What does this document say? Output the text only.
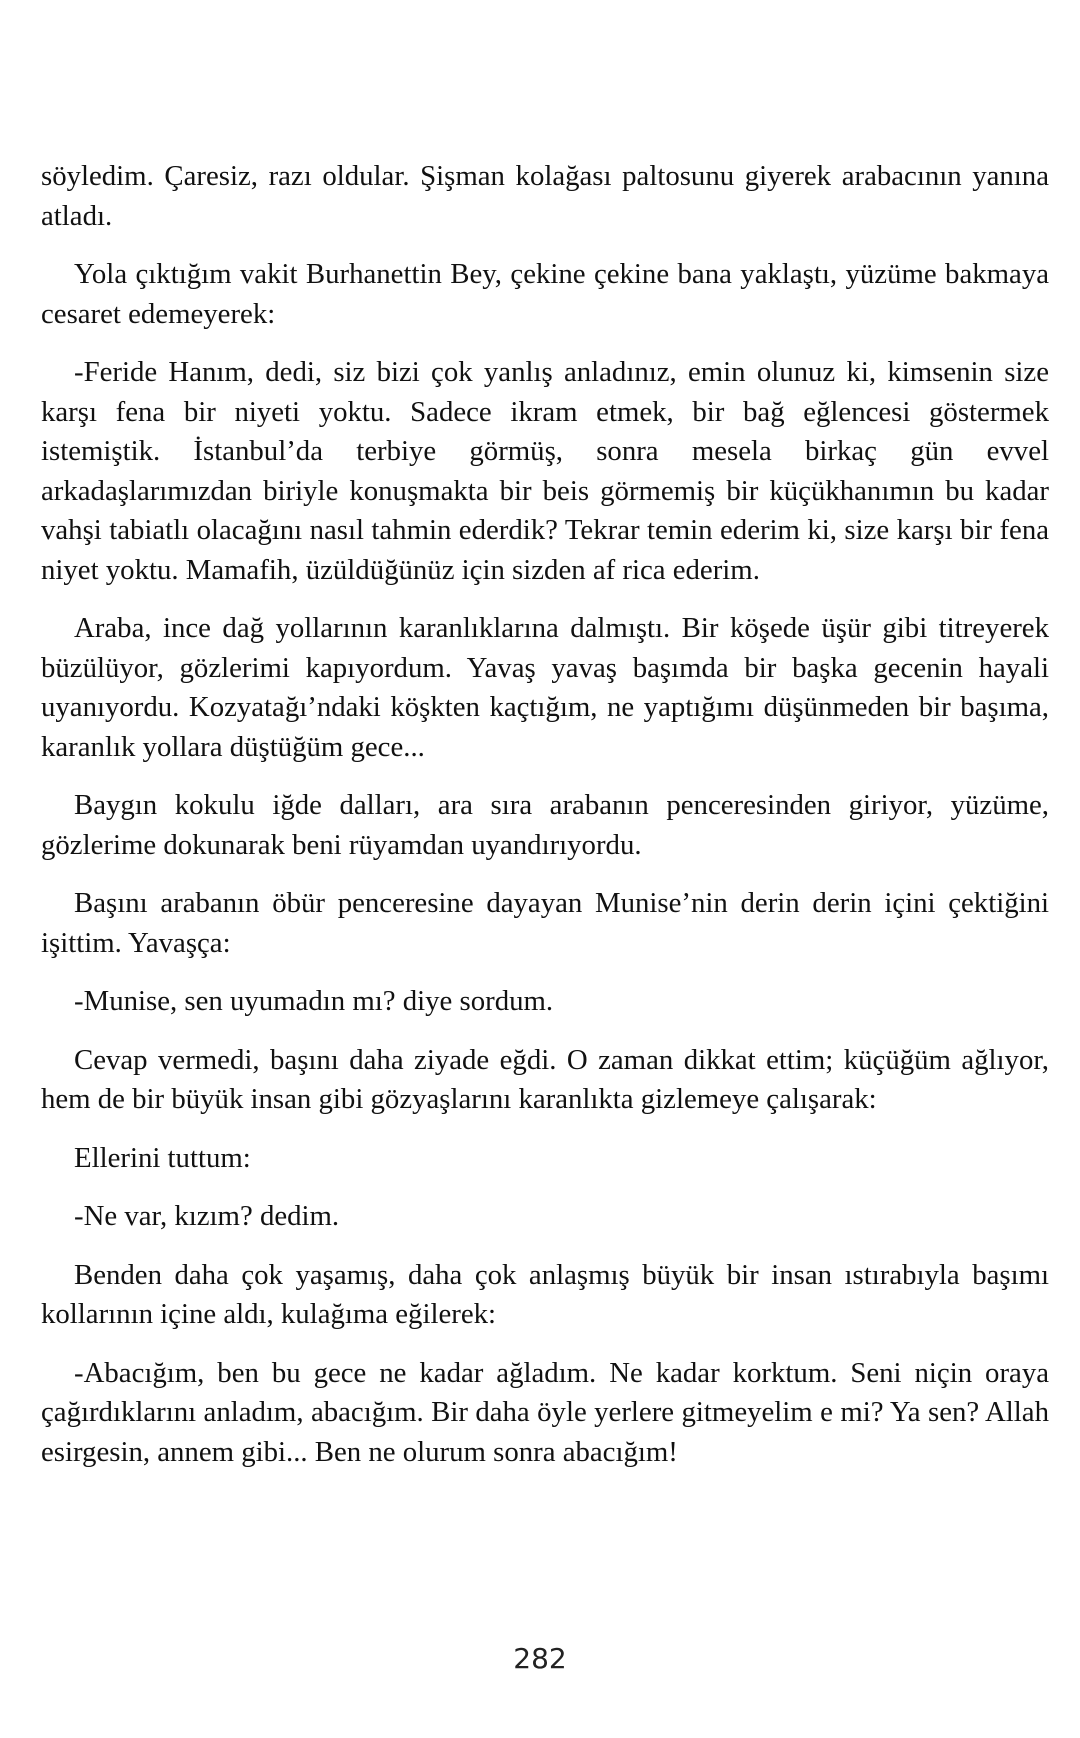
söyledim. Çaresiz, razı oldular. Şişman kolağası paltosunu giyerek arabacının yanına atladı.

Yola çıktığım vakit Burhanettin Bey, çekine çekine bana yaklaştı, yüzüme bakmaya cesaret edemeyerek:

-Feride Hanım, dedi, siz bizi çok yanlış anladınız, emin olunuz ki, kimsenin size karşı fena bir niyeti yoktu. Sadece ikram etmek, bir bağ eğlencesi göstermek istemiştik. İstanbul’da terbiye görmüş, sonra mesela birkaç gün evvel arkadaşlarımızdan biriyle konuşmakta bir beis görmemiş bir küçükhanımın bu kadar vahşi tabiatlı olacağını nasıl tahmin ederdik? Tekrar temin ederim ki, size karşı bir fena niyet yoktu. Mamafih, üzüldüğünüz için sizden af rica ederim.

Araba, ince dağ yollarının karanlıklarına dalmıştı. Bir köşede üşür gibi titreyerek büzülüyor, gözlerimi kapıyordum. Yavaş yavaş başımda bir başka gecenin hayali uyanıyordu. Kozyatağı’ndaki köşkten kaçtığım, ne yaptığımı düşünmeden bir başıma, karanlık yollara düştüğüm gece...

Baygın kokulu iğde dalları, ara sıra arabanın penceresinden giriyor, yüzüme, gözlerime dokunarak beni rüyamdan uyandırıyordu.

Başını arabanın öbür penceresine dayayan Munise’nin derin derin içini çektiğini işittim. Yavaşça:

-Munise, sen uyumadın mı? diye sordum.

Cevap vermedi, başını daha ziyade eğdi. O zaman dikkat ettim; küçüğüm ağlıyor, hem de bir büyük insan gibi gözyaşlarını karanlıkta gizlemeye çalışarak:

Ellerini tuttum:

-Ne var, kızım? dedim.

Benden daha çok yaşamış, daha çok anlaşmış büyük bir insan ıstırabıyla başımı kollarının içine aldı, kulağıma eğilerek:

-Abacığım, ben bu gece ne kadar ağladım. Ne kadar korktum. Seni niçin oraya çağırdıklarını anladım, abacığım. Bir daha öyle yerlere gitmeyelim e mi? Ya sen? Allah esirgesin, annem gibi... Ben ne olurum sonra abacığım!

282
